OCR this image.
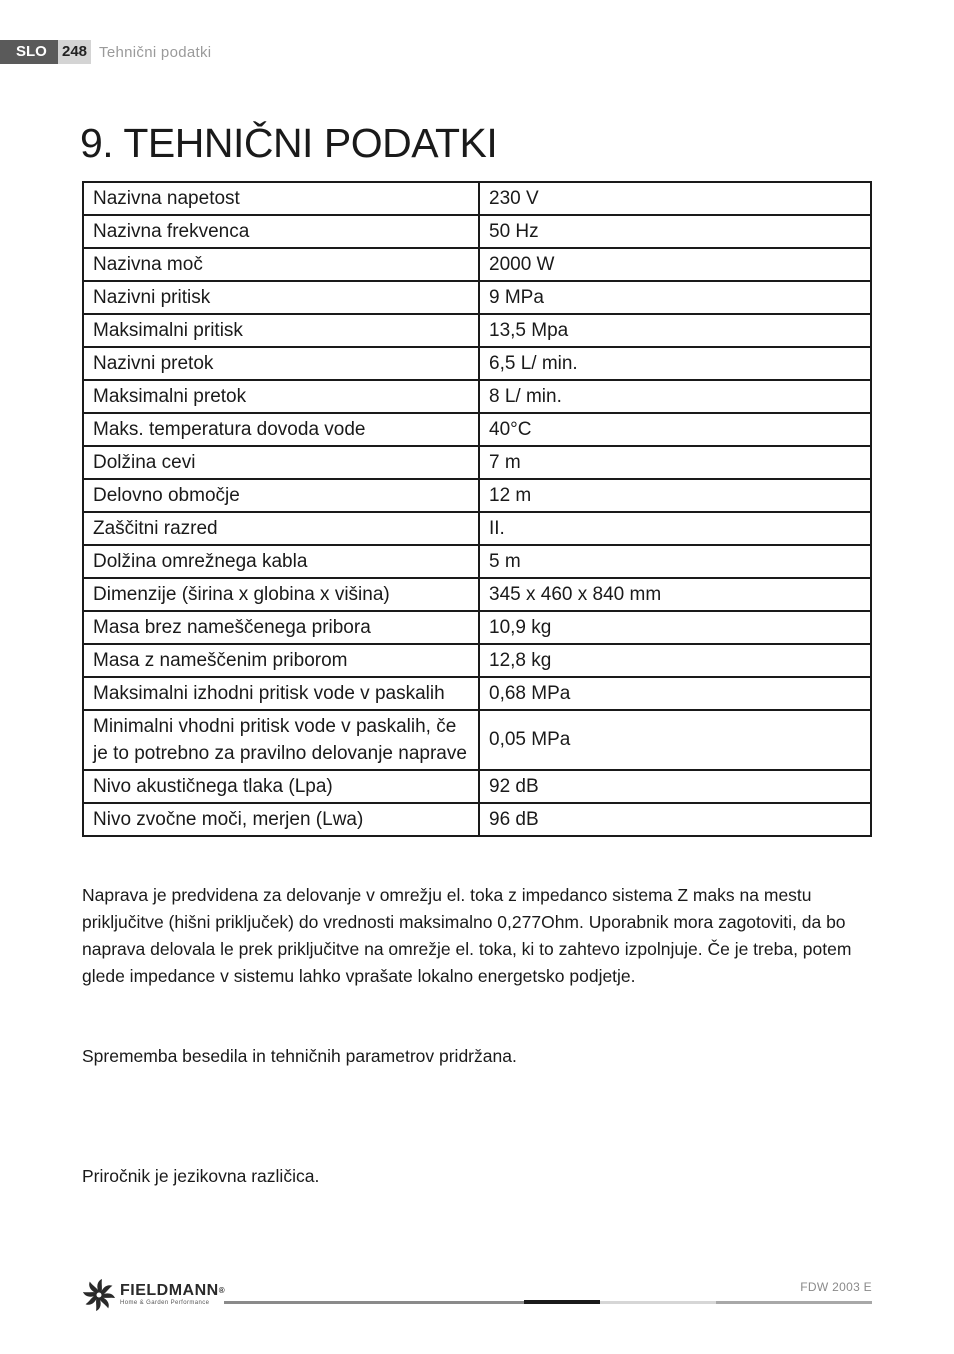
SLO	248 Tehnični podatki
9. TEHNIČNI PODATKI
Nazivna napetost	230 V
Nazivna frekvenca	50 Hz
Nazivna moč	2000 W
Nazivni pritisk	9 MPa
Maksimalni pritisk	13,5 Mpa
Nazivni pretok	6,5 L/ min.
Maksimalni pretok	8 L/ min.
Maks. temperatura dovoda vode	40°C
Dolžina cevi	7 m
Delovno območje	12 m
Zaščitni razred	II.
Dolžina omrežnega kabla	5 m
Dimenzije (širina x globina x višina)	345 x 460 x 840 mm
Masa brez nameščenega pribora	10,9 kg
Masa z nameščenim priborom	12,8 kg
Maksimalni izhodni pritisk vode v paskalih	0,68 MPa
Minimalni vhodni pritisk vode v paskalih, če je to potrebno za pravilno delovanje naprave	0,05 MPa
Nivo akustičnega tlaka (Lpa)	92 dB
Nivo zvočne moči, merjen (Lwa)	96 dB

Naprava je predvidena za delovanje v omrežju el. toka z impedanco sistema Z maks na mestu priključitve (hišni priključek) do vrednosti maksimalno 0,277Ohm. Uporabnik mora zagotoviti, da bo naprava delovala le prek priključitve na omrežje el. toka, ki to zahtevo izpolnjuje. Če je treba, potem glede impedance v sistemu lahko vprašate lokalno energetsko podjetje.

Sprememba besedila in tehničnih parametrov pridržana.

Priročnik je jezikovna različica.

FIELDMANN®
Home & Garden Performance
FDW 2003 E
